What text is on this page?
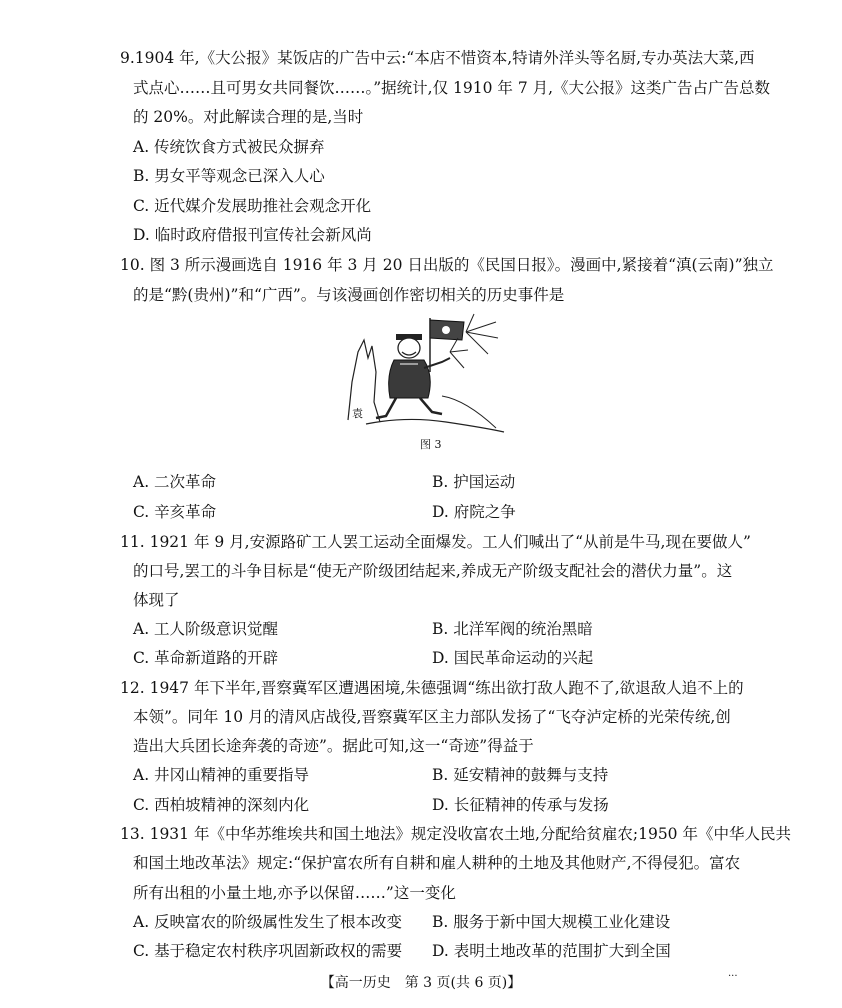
9.1904 年,《大公报》某饭店的广告中云:“本店不惜资本,特请外洋头等名厨,专办英法大菜,西
式点心……且可男女共同餐饮……。”据统计,仅 1910 年 7 月,《大公报》这类广告占广告总数
的 20%。对此解读合理的是,当时
A. 传统饮食方式被民众摒弃
B. 男女平等观念已深入人心
C. 近代媒介发展助推社会观念开化
D. 临时政府借报刊宣传社会新风尚
10. 图 3 所示漫画选自 1916 年 3 月 20 日出版的《民国日报》。漫画中,紧接着“滇(云南)”独立
的是“黔(贵州)”和“广西”。与该漫画创作密切相关的历史事件是
袁
图 3
A. 二次革命	B. 护国运动
C. 辛亥革命	D. 府院之争
11. 1921 年 9 月,安源路矿工人罢工运动全面爆发。工人们喊出了“从前是牛马,现在要做人”
的口号,罢工的斗争目标是“使无产阶级团结起来,养成无产阶级支配社会的潜伏力量”。这
体现了
A. 工人阶级意识觉醒	B. 北洋军阀的统治黑暗
C. 革命新道路的开辟	D. 国民革命运动的兴起
12. 1947 年下半年,晋察冀军区遭遇困境,朱德强调“练出欲打敌人跑不了,欲退敌人追不上的
本领”。同年 10 月的清风店战役,晋察冀军区主力部队发扬了“飞夺泸定桥的光荣传统,创
造出大兵团长途奔袭的奇迹”。据此可知,这一“奇迹”得益于
A. 井冈山精神的重要指导	B. 延安精神的鼓舞与支持
C. 西柏坡精神的深刻内化	D. 长征精神的传承与发扬
13. 1931 年《中华苏维埃共和国土地法》规定没收富农土地,分配给贫雇农;1950 年《中华人民共
和国土地改革法》规定:“保护富农所有自耕和雇人耕种的土地及其他财产,不得侵犯。富农
所有出租的小量土地,亦予以保留……”这一变化
A. 反映富农的阶级属性发生了根本改变 B. 服务于新中国大规模工业化建设
C. 基于稳定农村秩序巩固新政权的需要 D. 表明土地改革的范围扩大到全国
【高一历史　第 3 页(共 6 页)】
...
